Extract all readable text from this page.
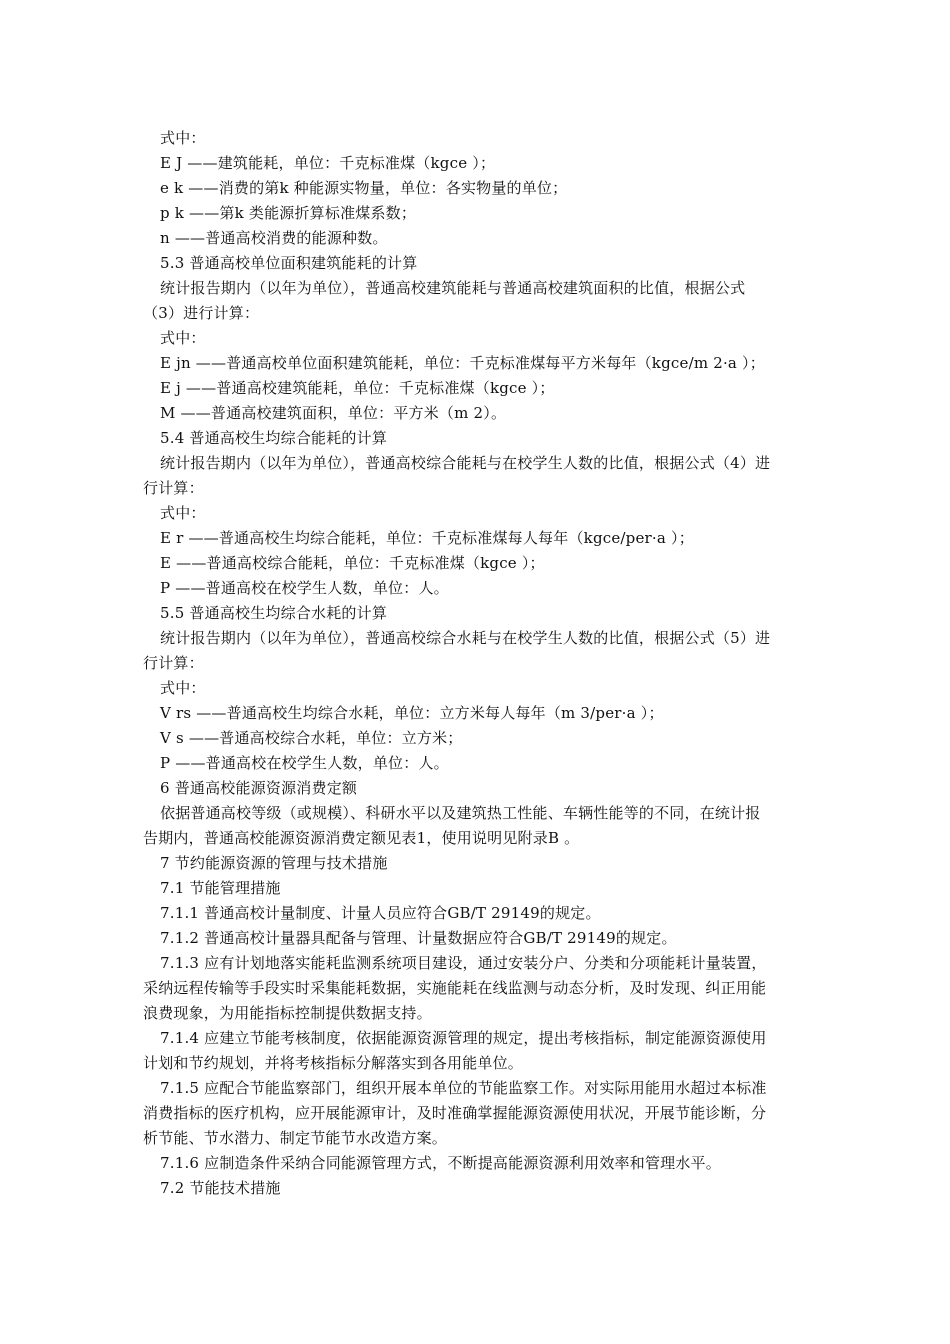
式中：
E J ——建筑能耗，单位：千克标准煤（kgce ）；
e k ——消费的第k 种能源实物量，单位：各实物量的单位；
p k ——第k 类能源折算标准煤系数；
n ——普通高校消费的能源种数。
5.3 普通高校单位面积建筑能耗的计算
统计报告期内（以年为单位），普通高校建筑能耗与普通高校建筑面积的比值，根据公式
（3）进行计算：
式中：
E jn ——普通高校单位面积建筑能耗，单位：千克标准煤每平方米每年（kgce/m 2·a ）；
E j ——普通高校建筑能耗，单位：千克标准煤（kgce ）；
M ——普通高校建筑面积，单位：平方米（m 2）。
5.4 普通高校生均综合能耗的计算
统计报告期内（以年为单位），普通高校综合能耗与在校学生人数的比值，根据公式（4）进
行计算：
式中：
E r ——普通高校生均综合能耗，单位：千克标准煤每人每年（kgce/per·a ）；
E ——普通高校综合能耗，单位：千克标准煤（kgce ）；
P ——普通高校在校学生人数，单位：人。
5.5 普通高校生均综合水耗的计算
统计报告期内（以年为单位），普通高校综合水耗与在校学生人数的比值，根据公式（5）进
行计算：
式中：
V rs ——普通高校生均综合水耗，单位：立方米每人每年（m 3/per·a ）；
V s ——普通高校综合水耗，单位：立方米；
P ——普通高校在校学生人数，单位：人。
6 普通高校能源资源消费定额
依据普通高校等级（或规模）、科研水平以及建筑热工性能、车辆性能等的不同，在统计报
告期内，普通高校能源资源消费定额见表1，使用说明见附录B 。
7 节约能源资源的管理与技术措施
7.1 节能管理措施
7.1.1 普通高校计量制度、计量人员应符合GB/T 29149的规定。
7.1.2 普通高校计量器具配备与管理、计量数据应符合GB/T 29149的规定。
7.1.3 应有计划地落实能耗监测系统项目建设，通过安装分户、分类和分项能耗计量装置，
采纳远程传输等手段实时采集能耗数据，实施能耗在线监测与动态分析，及时发现、纠正用能
浪费现象，为用能指标控制提供数据支持。
7.1.4 应建立节能考核制度，依据能源资源管理的规定，提出考核指标，制定能源资源使用
计划和节约规划，并将考核指标分解落实到各用能单位。
7.1.5 应配合节能监察部门，组织开展本单位的节能监察工作。对实际用能用水超过本标准
消费指标的医疗机构，应开展能源审计，及时准确掌握能源资源使用状况，开展节能诊断，分
析节能、节水潜力、制定节能节水改造方案。
7.1.6 应制造条件采纳合同能源管理方式，不断提高能源资源利用效率和管理水平。
7.2 节能技术措施
